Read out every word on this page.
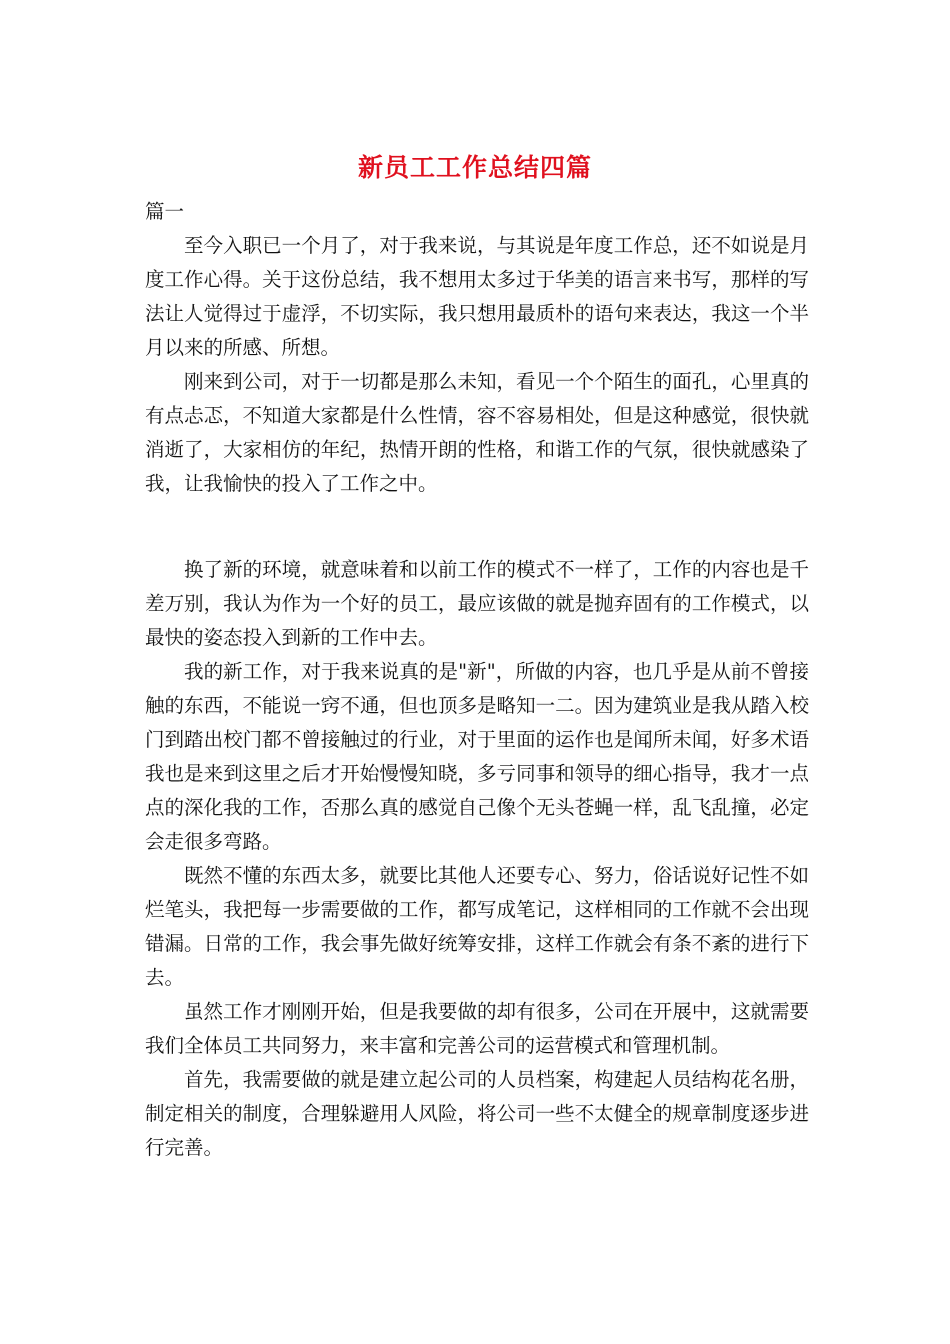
新员工工作总结四篇

篇一

至今入职已一个月了，对于我来说，与其说是年度工作总，还不如说是月度工作心得。关于这份总结，我不想用太多过于华美的语言来书写，那样的写法让人觉得过于虚浮，不切实际，我只想用最质朴的语句来表达，我这一个半月以来的所感、所想。

刚来到公司，对于一切都是那么未知，看见一个个陌生的面孔，心里真的有点忐忑，不知道大家都是什么性情，容不容易相处，但是这种感觉，很快就消逝了，大家相仿的年纪，热情开朗的性格，和谐工作的气氛，很快就感染了我，让我愉快的投入了工作之中。

换了新的环境，就意味着和以前工作的模式不一样了，工作的内容也是千差万别，我认为作为一个好的员工，最应该做的就是抛弃固有的工作模式，以最快的姿态投入到新的工作中去。

我的新工作，对于我来说真的是"新"，所做的内容，也几乎是从前不曾接触的东西，不能说一窍不通，但也顶多是略知一二。因为建筑业是我从踏入校门到踏出校门都不曾接触过的行业，对于里面的运作也是闻所未闻，好多术语我也是来到这里之后才开始慢慢知晓，多亏同事和领导的细心指导，我才一点点的深化我的工作，否那么真的感觉自己像个无头苍蝇一样，乱飞乱撞，必定会走很多弯路。

既然不懂的东西太多，就要比其他人还要专心、努力，俗话说好记性不如烂笔头，我把每一步需要做的工作，都写成笔记，这样相同的工作就不会出现错漏。日常的工作，我会事先做好统筹安排，这样工作就会有条不紊的进行下去。

虽然工作才刚刚开始，但是我要做的却有很多，公司在开展中，这就需要我们全体员工共同努力，来丰富和完善公司的运营模式和管理机制。

首先，我需要做的就是建立起公司的人员档案，构建起人员结构花名册，制定相关的制度，合理躲避用人风险，将公司一些不太健全的规章制度逐步进行完善。
